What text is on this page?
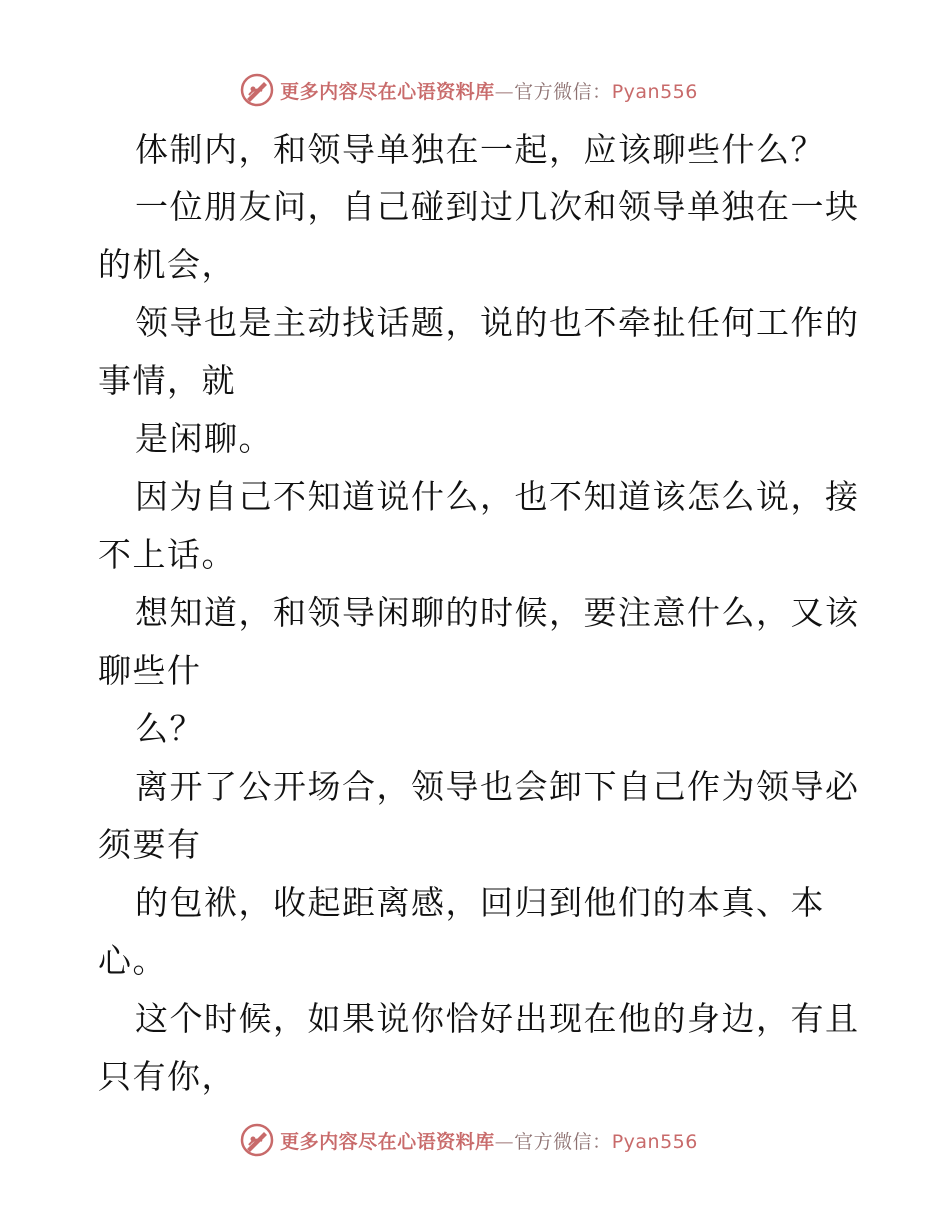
更多内容尽在心语资料库—官方微信：Pyan556
体制内，和领导单独在一起，应该聊些什么？
一位朋友问，自己碰到过几次和领导单独在一块
的机会，
领导也是主动找话题，说的也不牵扯任何工作的
事情，就
是闲聊。
因为自己不知道说什么，也不知道该怎么说，接
不上话。
想知道，和领导闲聊的时候，要注意什么，又该
聊些什
么？
离开了公开场合，领导也会卸下自己作为领导必
须要有
的包袱，收起距离感，回归到他们的本真、本
心。
这个时候，如果说你恰好出现在他的身边，有且
只有你，
更多内容尽在心语资料库—官方微信：Pyan556
